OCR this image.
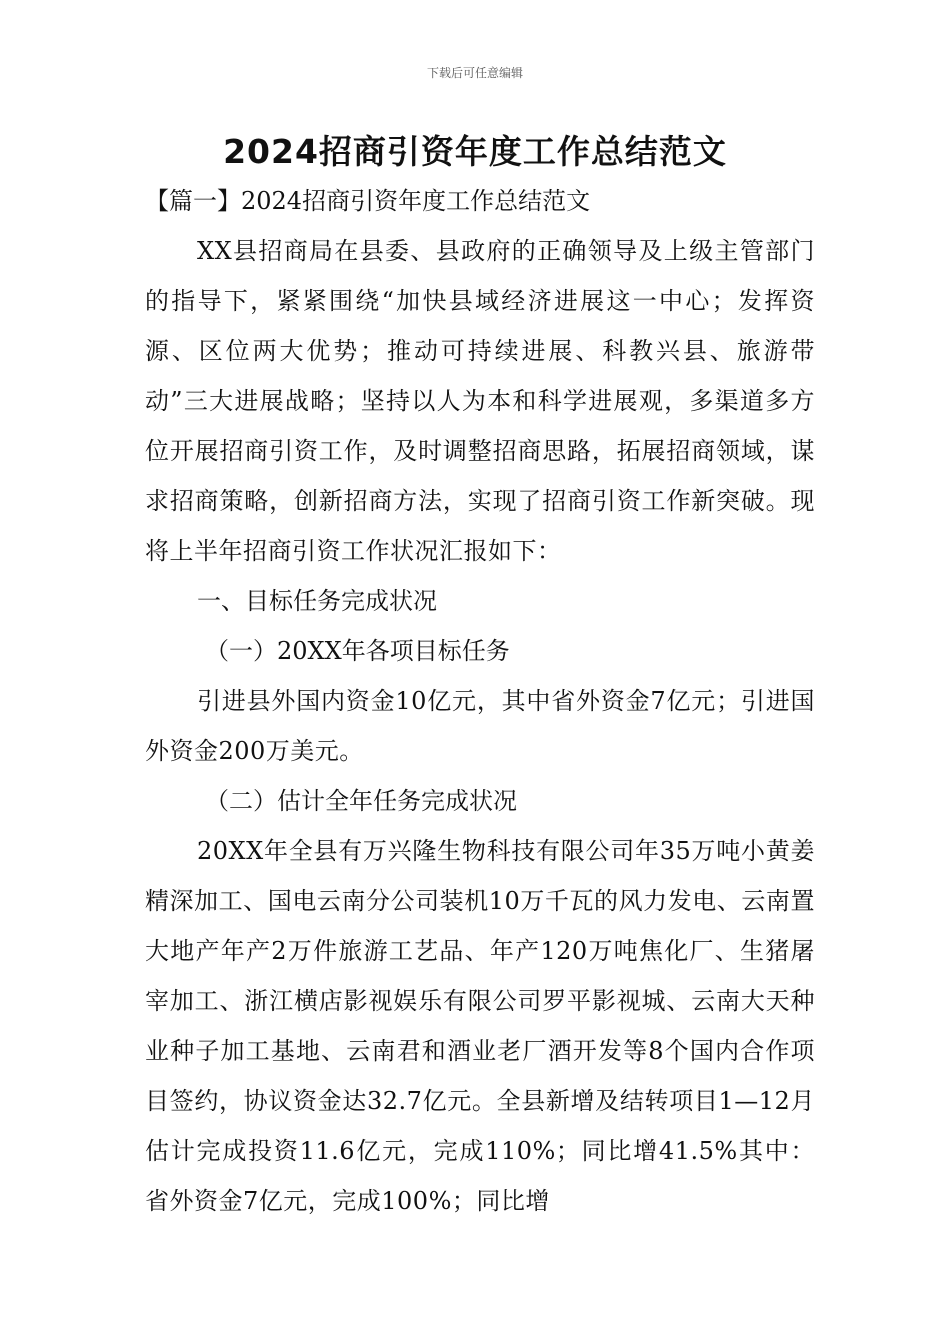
下载后可任意编辑
2024招商引资年度工作总结范文

【篇一】2024招商引资年度工作总结范文

XX县招商局在县委、县政府的正确领导及上级主管部门的指导下，紧紧围绕“加快县域经济进展这一中心；发挥资源、区位两大优势；推动可持续进展、科教兴县、旅游带动”三大进展战略；坚持以人为本和科学进展观，多渠道多方位开展招商引资工作，及时调整招商思路，拓展招商领域，谋求招商策略，创新招商方法，实现了招商引资工作新突破。现将上半年招商引资工作状况汇报如下：

一、目标任务完成状况

（一）20XX年各项目标任务

引进县外国内资金10亿元，其中省外资金7亿元；引进国外资金200万美元。

（二）估计全年任务完成状况

20XX年全县有万兴隆生物科技有限公司年35万吨小黄姜精深加工、国电云南分公司装机10万千瓦的风力发电、云南置大地产年产2万件旅游工艺品、年产120万吨焦化厂、生猪屠宰加工、浙江横店影视娱乐有限公司罗平影视城、云南大天种业种子加工基地、云南君和酒业老厂酒开发等8个国内合作项目签约，协议资金达32.7亿元。全县新增及结转项目1—12月估计完成投资11.6亿元，完成110%；同比增41.5%其中：省外资金7亿元，完成100%；同比增
